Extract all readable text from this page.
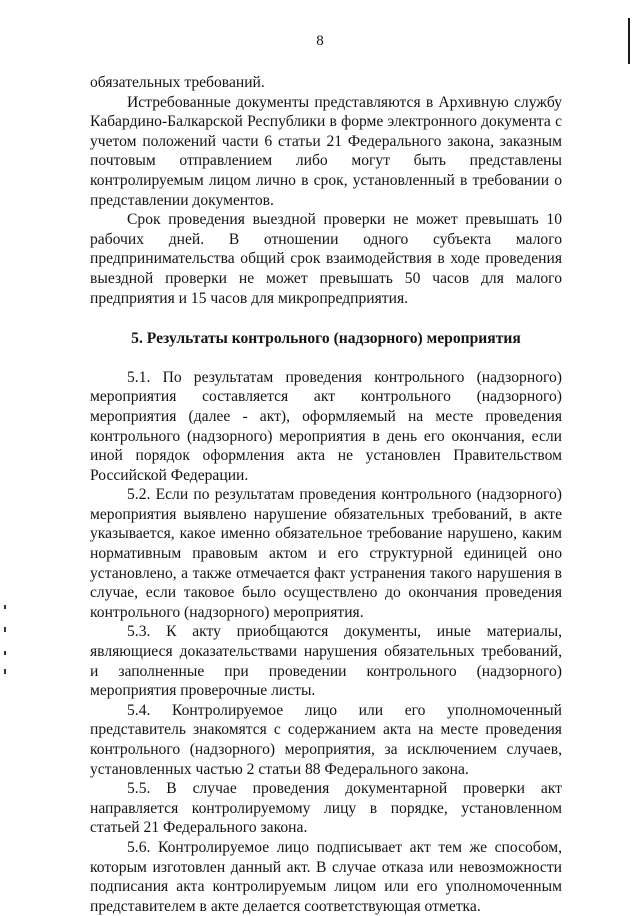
8

обязательных требований.

Истребованные документы представляются в Архивную службу Кабардино-Балкарской Республики в форме электронного документа с учетом положений части 6 статьи 21 Федерального закона, заказным почтовым отправлением либо могут быть представлены контролируемым лицом лично в срок, установленный в требовании о представлении документов.

Срок проведения выездной проверки не может превышать 10 рабочих дней. В отношении одного субъекта малого предпринимательства общий срок взаимодействия в ходе проведения выездной проверки не может превышать 50 часов для малого предприятия и 15 часов для микропредприятия.

5. Результаты контрольного (надзорного) мероприятия

5.1. По результатам проведения контрольного (надзорного) мероприятия составляется акт контрольного (надзорного) мероприятия (далее - акт), оформляемый на месте проведения контрольного (надзорного) мероприятия в день его окончания, если иной порядок оформления акта не установлен Правительством Российской Федерации.

5.2. Если по результатам проведения контрольного (надзорного) мероприятия выявлено нарушение обязательных требований, в акте указывается, какое именно обязательное требование нарушено, каким нормативным правовым актом и его структурной единицей оно установлено, а также отмечается факт устранения такого нарушения в случае, если таковое было осуществлено до окончания проведения контрольного (надзорного) мероприятия.

5.3. К акту приобщаются документы, иные материалы, являющиеся доказательствами нарушения обязательных требований, и заполненные при проведении контрольного (надзорного) мероприятия проверочные листы.

5.4. Контролируемое лицо или его уполномоченный представитель знакомятся с содержанием акта на месте проведения контрольного (надзорного) мероприятия, за исключением случаев, установленных частью 2 статьи 88 Федерального закона.

5.5. В случае проведения документарной проверки акт направляется контролируемому лицу в порядке, установленном статьей 21 Федерального закона.

5.6. Контролируемое лицо подписывает акт тем же способом, которым изготовлен данный акт. В случае отказа или невозможности подписания акта контролируемым лицом или его уполномоченным представителем в акте делается соответствующая отметка.
